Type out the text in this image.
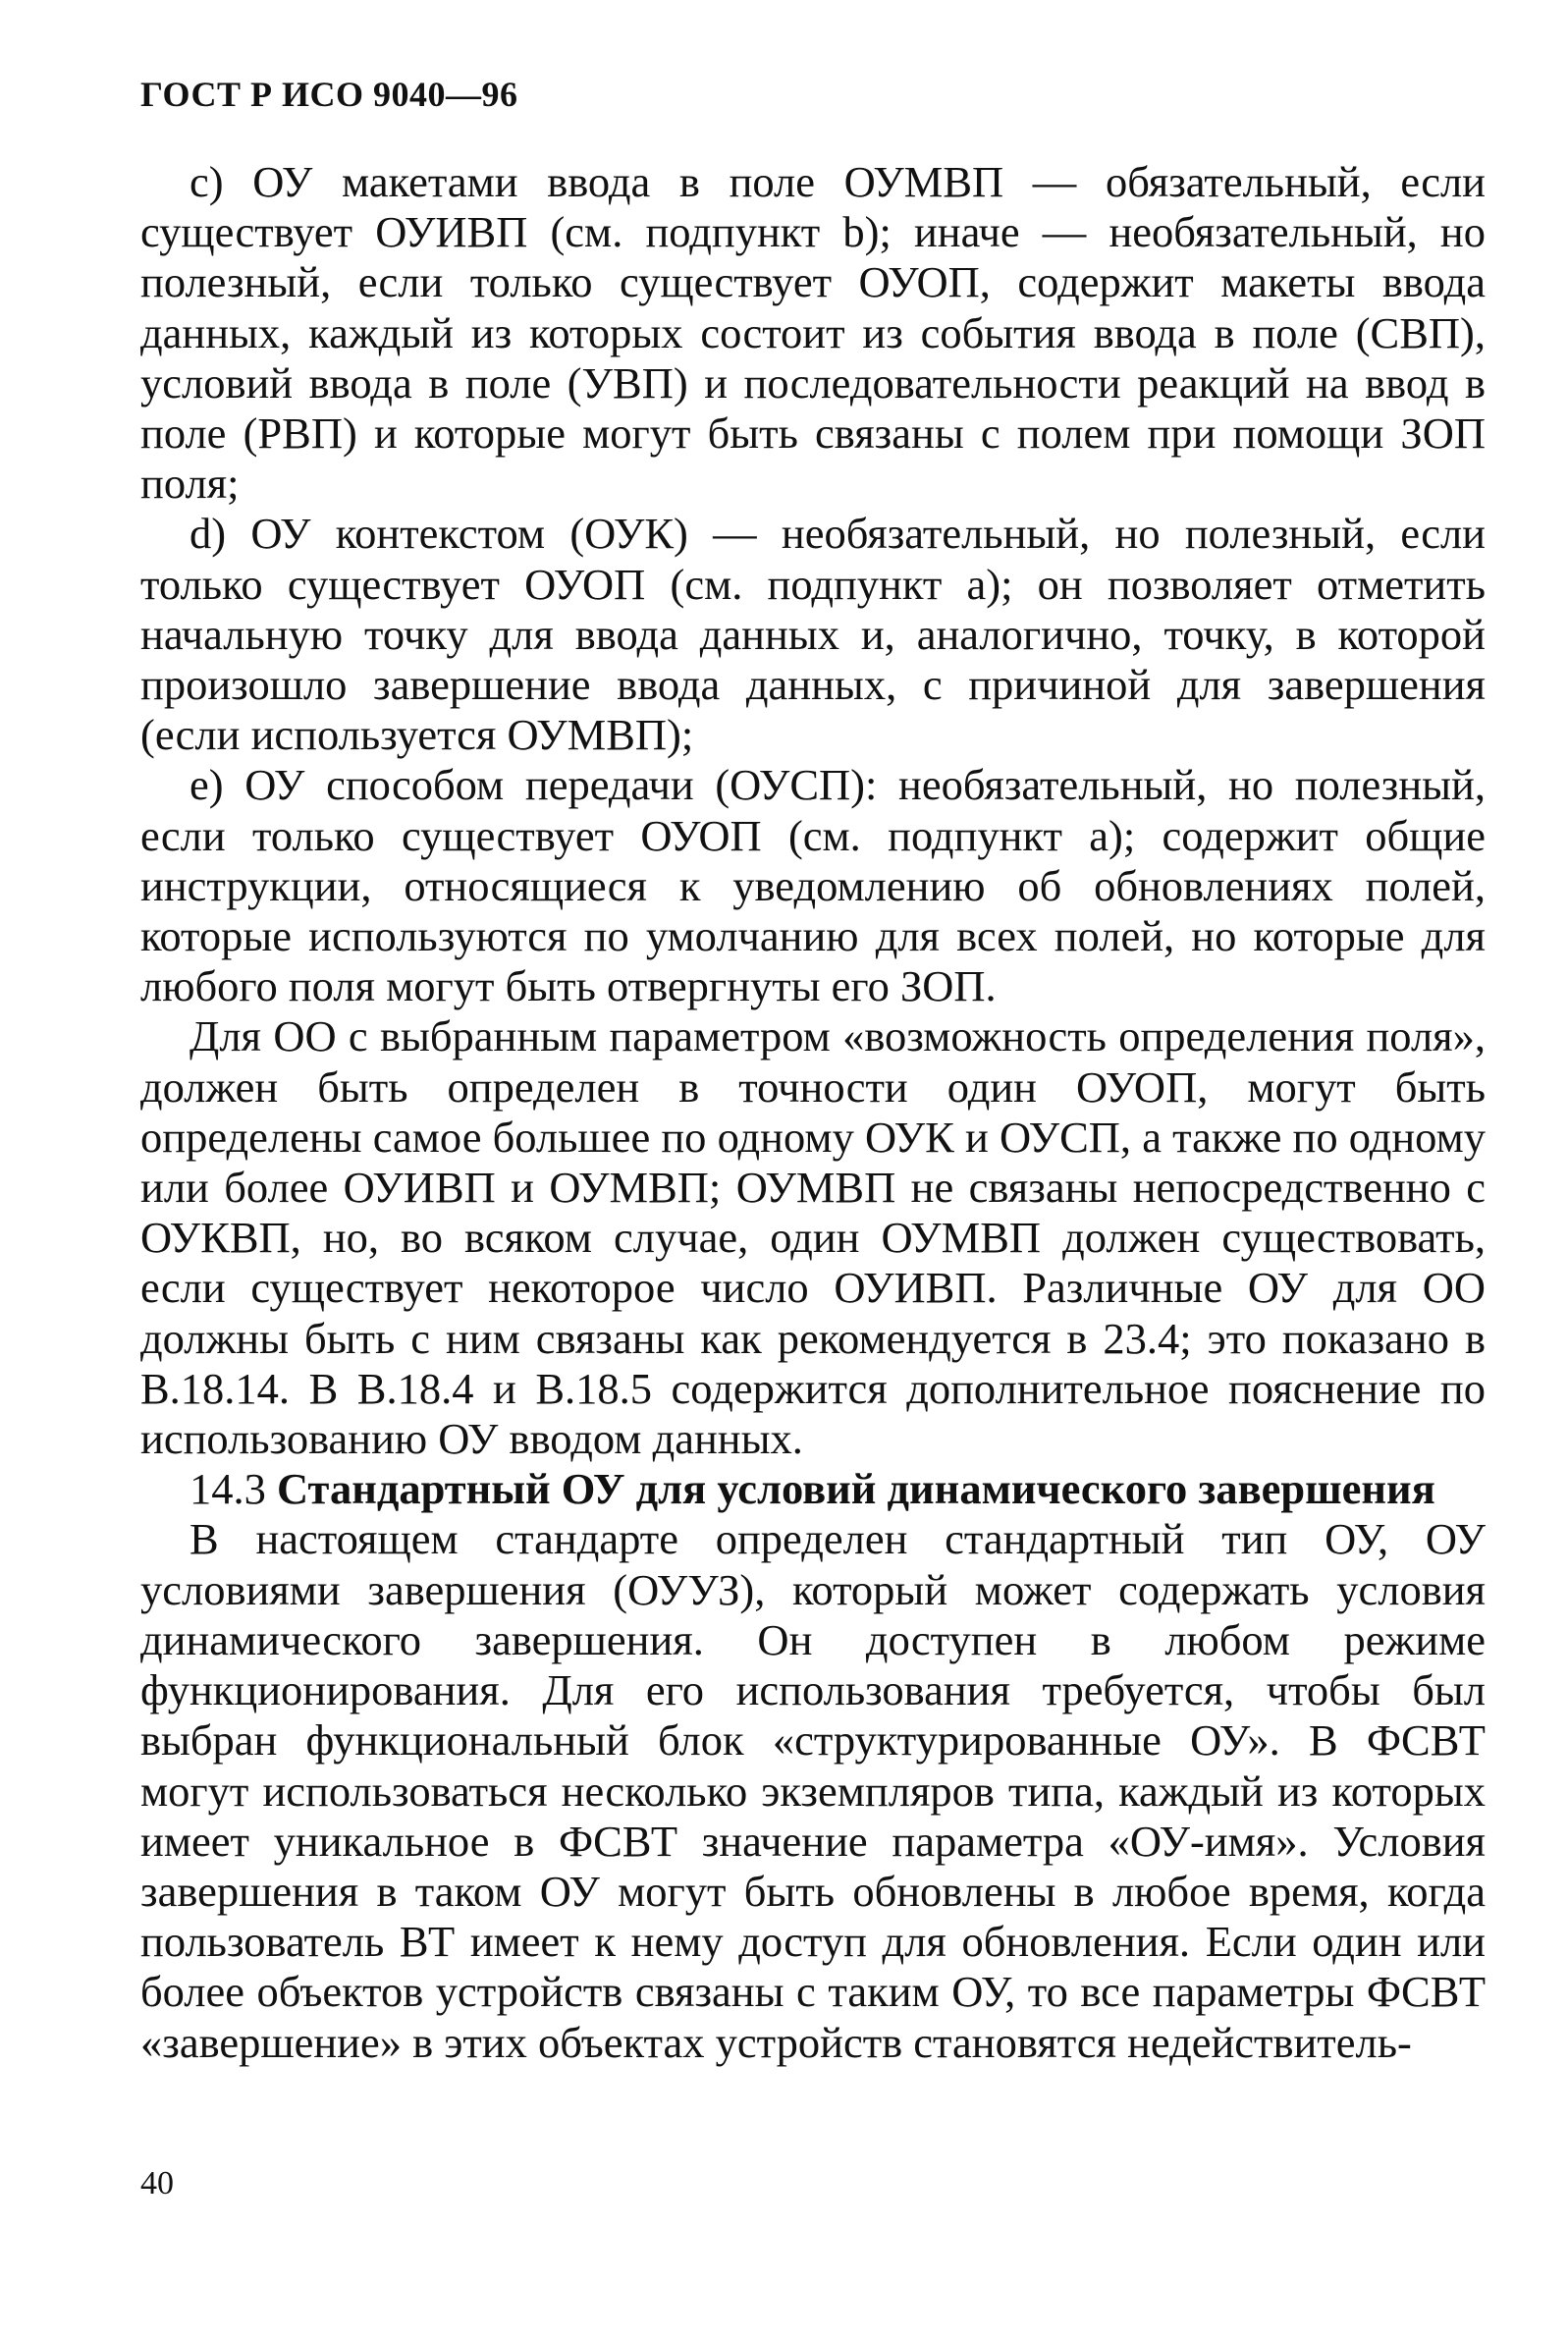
ГОСТ Р ИСО 9040—96

c) ОУ макетами ввода в поле ОУМВП — обязательный, если существует ОУИВП (см. подпункт b); иначе — необязательный, но полезный, если только существует ОУОП, содержит макеты ввода данных, каждый из которых состоит из события ввода в поле (СВП), условий ввода в поле (УВП) и последовательности реакций на ввод в поле (РВП) и которые могут быть связаны с полем при помощи ЗОП поля;

d) ОУ контекстом (ОУК) — необязательный, но полезный, если только существует ОУОП (см. подпункт a); он позволяет отметить начальную точку для ввода данных и, аналогично, точку, в которой произошло завершение ввода данных, с причиной для завершения (если используется ОУМВП);

e) ОУ способом передачи (ОУСП): необязательный, но полезный, если только существует ОУОП (см. подпункт a); содержит общие инструкции, относящиеся к уведомлению об обновлениях полей, которые используются по умолчанию для всех полей, но которые для любого поля могут быть отвергнуты его ЗОП.

Для ОО с выбранным параметром «возможность определения поля», должен быть определен в точности один ОУОП, могут быть определены самое большее по одному ОУК и ОУСП, а также по одному или более ОУИВП и ОУМВП; ОУМВП не связаны непосредственно с ОУКВП, но, во всяком случае, один ОУМВП должен существовать, если существует некоторое число ОУИВП. Различные ОУ для ОО должны быть с ним связаны как рекомендуется в 23.4; это показано в В.18.14. В В.18.4 и В.18.5 содержится дополнительное пояснение по использованию ОУ вводом данных.

14.3 Стандартный ОУ для условий динамического завершения

В настоящем стандарте определен стандартный тип ОУ, ОУ условиями завершения (ОУУЗ), который может содержать условия динамического завершения. Он доступен в любом режиме функционирования. Для его использования требуется, чтобы был выбран функциональный блок «структурированные ОУ». В ФСВТ могут использоваться несколько экземпляров типа, каждый из которых имеет уникальное в ФСВТ значение параметра «ОУ-имя». Условия завершения в таком ОУ могут быть обновлены в любое время, когда пользователь ВТ имеет к нему доступ для обновления. Если один или более объектов устройств связаны с таким ОУ, то все параметры ФСВТ «завершение» в этих объектах устройств становятся недействитель-

40
